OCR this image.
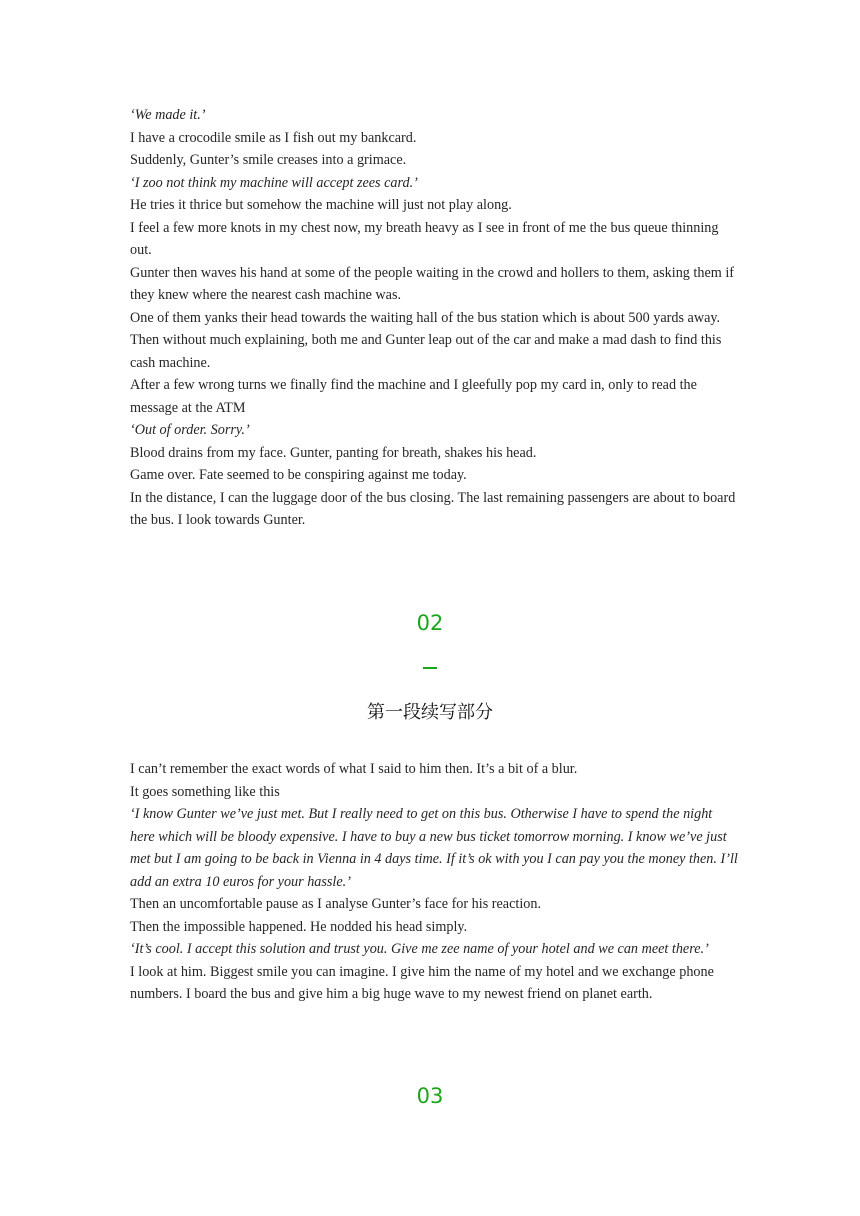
‘We made it.’

I have a crocodile smile as I fish out my bankcard.

Suddenly, Gunter’s smile creases into a grimace.

‘I zoo not think my machine will accept zees card.’

He tries it thrice but somehow the machine will just not play along.

I feel a few more knots in my chest now, my breath heavy as I see in front of me the bus queue thinning out.

Gunter then waves his hand at some of the people waiting in the crowd and hollers to them, asking them if they knew where the nearest cash machine was.

One of them yanks their head towards the waiting hall of the bus station which is about 500 yards away.

Then without much explaining, both me and Gunter leap out of the car and make a mad dash to find this cash machine.

After a few wrong turns we finally find the machine and I gleefully pop my card in, only to read the message at the ATM

‘Out of order. Sorry.’

Blood drains from my face. Gunter, panting for breath, shakes his head.

Game over. Fate seemed to be conspiring against me today.

In the distance, I can the luggage door of the bus closing. The last remaining passengers are about to board the bus. I look towards Gunter.

02
第一段续写部分

I can’t remember the exact words of what I said to him then. It’s a bit of a blur.

It goes something like this

‘I know Gunter we’ve just met. But I really need to get on this bus. Otherwise I have to spend the night here which will be bloody expensive. I have to buy a new bus ticket tomorrow morning. I know we’ve just met but I am going to be back in Vienna in 4 days time. If it’s ok with you I can pay you the money then. I’ll add an extra 10 euros for your hassle.’

Then an uncomfortable pause as I analyse Gunter’s face for his reaction.

Then the impossible happened. He nodded his head simply.

‘It’s cool. I accept this solution and trust you. Give me zee name of your hotel and we can meet there.’

I look at him. Biggest smile you can imagine. I give him the name of my hotel and we exchange phone numbers. I board the bus and give him a big huge wave to my newest friend on planet earth.

03
